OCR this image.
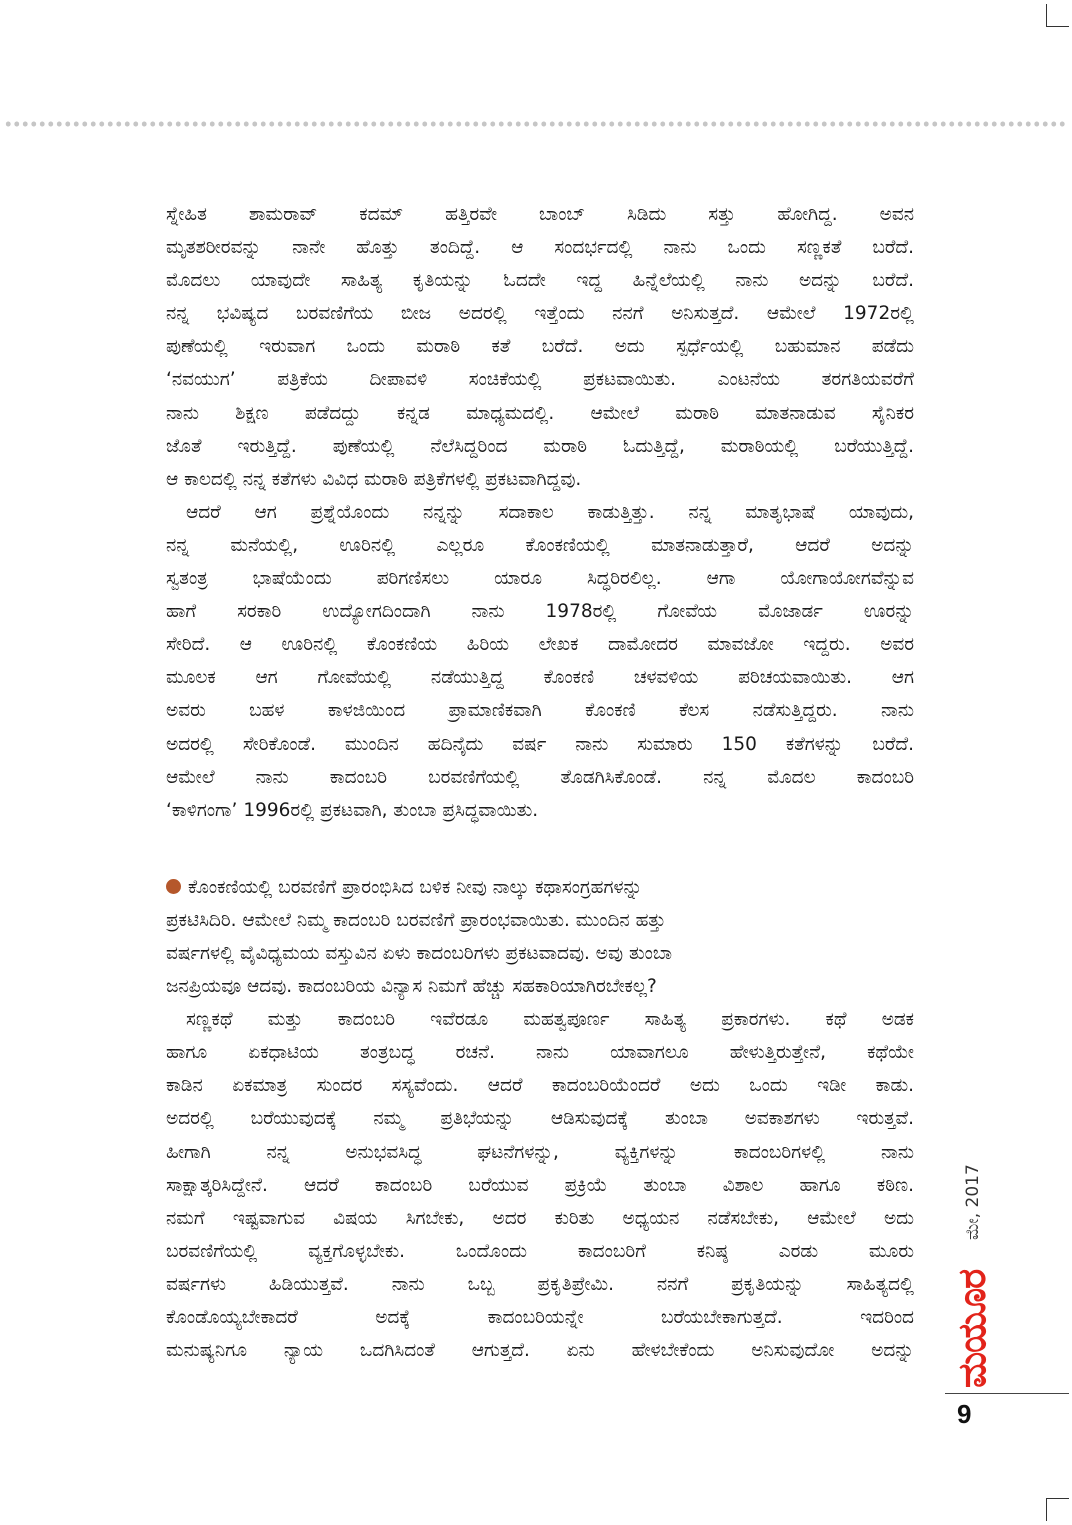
ಸ್ನೇಹಿತ ಶಾಮರಾವ್ ಕದಮ್ ಹತ್ತಿರವೇ ಬಾಂಬ್ ಸಿಡಿದು ಸತ್ತು ಹೋಗಿದ್ದ. ಅವನ

ಮೃತಶರೀರವನ್ನು ನಾನೇ ಹೊತ್ತು ತಂದಿದ್ದೆ. ಆ ಸಂದರ್ಭದಲ್ಲಿ ನಾನು ಒಂದು ಸಣ್ಣಕತೆ ಬರೆದೆ.

ಮೊದಲು ಯಾವುದೇ ಸಾಹಿತ್ಯ ಕೃತಿಯನ್ನು ಓದದೇ ಇದ್ದ ಹಿನ್ನೆಲೆಯಲ್ಲಿ ನಾನು ಅದನ್ನು ಬರೆದೆ.

ನನ್ನ ಭವಿಷ್ಯದ ಬರವಣಿಗೆಯ ಬೀಜ ಅದರಲ್ಲಿ ಇತ್ತೆಂದು ನನಗೆ ಅನಿಸುತ್ತದೆ. ಆಮೇಲೆ 1972ರಲ್ಲಿ

ಪುಣೆಯಲ್ಲಿ ಇರುವಾಗ ಒಂದು ಮರಾಠಿ ಕತೆ ಬರೆದೆ. ಅದು ಸ್ಪರ್ಧೆಯಲ್ಲಿ ಬಹುಮಾನ ಪಡೆದು

‘ನವಯುಗ’ ಪತ್ರಿಕೆಯ ದೀಪಾವಳಿ ಸಂಚಿಕೆಯಲ್ಲಿ ಪ್ರಕಟವಾಯಿತು. ಎಂಟನೆಯ ತರಗತಿಯವರೆಗೆ

ನಾನು ಶಿಕ್ಷಣ ಪಡೆದದ್ದು ಕನ್ನಡ ಮಾಧ್ಯಮದಲ್ಲಿ. ಆಮೇಲೆ ಮರಾಠಿ ಮಾತನಾಡುವ ಸೈನಿಕರ

ಜೊತೆ ಇರುತ್ತಿದ್ದೆ. ಪುಣೆಯಲ್ಲಿ ನೆಲೆಸಿದ್ದರಿಂದ ಮರಾಠಿ ಓದುತ್ತಿದ್ದೆ, ಮರಾಠಿಯಲ್ಲಿ ಬರೆಯುತ್ತಿದ್ದೆ.

ಆ ಕಾಲದಲ್ಲಿ ನನ್ನ ಕತೆಗಳು ವಿವಿಧ ಮರಾಠಿ ಪತ್ರಿಕೆಗಳಲ್ಲಿ ಪ್ರಕಟವಾಗಿದ್ದವು.

ಆದರೆ ಆಗ ಪ್ರಶ್ನೆಯೊಂದು ನನ್ನನ್ನು ಸದಾಕಾಲ ಕಾಡುತ್ತಿತ್ತು. ನನ್ನ ಮಾತೃಭಾಷೆ ಯಾವುದು,

ನನ್ನ ಮನೆಯಲ್ಲಿ, ಊರಿನಲ್ಲಿ ಎಲ್ಲರೂ ಕೊಂಕಣಿಯಲ್ಲಿ ಮಾತನಾಡುತ್ತಾರೆ, ಆದರೆ ಅದನ್ನು

ಸ್ವತಂತ್ರ ಭಾಷೆಯೆಂದು ಪರಿಗಣಿಸಲು ಯಾರೂ ಸಿದ್ಧರಿರಲಿಲ್ಲ. ಆಗಾ ಯೋಗಾಯೋಗವೆನ್ನುವ

ಹಾಗೆ ಸರಕಾರಿ ಉದ್ಯೋಗದಿಂದಾಗಿ ನಾನು 1978ರಲ್ಲಿ ಗೋವೆಯ ಮೊಜಾರ್ಡ ಊರನ್ನು

ಸೇರಿದೆ. ಆ ಊರಿನಲ್ಲಿ ಕೊಂಕಣಿಯ ಹಿರಿಯ ಲೇಖಕ ದಾಮೋದರ ಮಾವಜೋ ಇದ್ದರು. ಅವರ

ಮೂಲಕ ಆಗ ಗೋವೆಯಲ್ಲಿ ನಡೆಯುತ್ತಿದ್ದ ಕೊಂಕಣಿ ಚಳವಳಿಯ ಪರಿಚಯವಾಯಿತು. ಆಗ

ಅವರು ಬಹಳ ಕಾಳಜಿಯಿಂದ ಪ್ರಾಮಾಣಿಕವಾಗಿ ಕೊಂಕಣಿ ಕೆಲಸ ನಡೆಸುತ್ತಿದ್ದರು. ನಾನು

ಅದರಲ್ಲಿ ಸೇರಿಕೊಂಡೆ. ಮುಂದಿನ ಹದಿನೈದು ವರ್ಷ ನಾನು ಸುಮಾರು 150 ಕತೆಗಳನ್ನು ಬರೆದೆ.

ಆಮೇಲೆ ನಾನು ಕಾದಂಬರಿ ಬರವಣಿಗೆಯಲ್ಲಿ ತೊಡಗಿಸಿಕೊಂಡೆ. ನನ್ನ ಮೊದಲ ಕಾದಂಬರಿ

‘ಕಾಳಿಗಂಗಾ’ 1996ರಲ್ಲಿ ಪ್ರಕಟವಾಗಿ, ತುಂಬಾ ಪ್ರಸಿದ್ಧವಾಯಿತು.

ಕೊಂಕಣಿಯಲ್ಲಿ ಬರವಣಿಗೆ ಪ್ರಾರಂಭಿಸಿದ ಬಳಿಕ ನೀವು ನಾಲ್ಕು ಕಥಾಸಂಗ್ರಹಗಳನ್ನು

ಪ್ರಕಟಿಸಿದಿರಿ. ಆಮೇಲೆ ನಿಮ್ಮ ಕಾದಂಬರಿ ಬರವಣಿಗೆ ಪ್ರಾರಂಭವಾಯಿತು. ಮುಂದಿನ ಹತ್ತು

ವರ್ಷಗಳಲ್ಲಿ ವೈವಿಧ್ಯಮಯ ವಸ್ತುವಿನ ಏಳು ಕಾದಂಬರಿಗಳು ಪ್ರಕಟವಾದವು. ಅವು ತುಂಬಾ

ಜನಪ್ರಿಯವೂ ಆದವು. ಕಾದಂಬರಿಯ ವಿನ್ಯಾಸ ನಿಮಗೆ ಹೆಚ್ಚು ಸಹಕಾರಿಯಾಗಿರಬೇಕಲ್ಲ?

ಸಣ್ಣಕಥೆ ಮತ್ತು ಕಾದಂಬರಿ ಇವೆರಡೂ ಮಹತ್ವಪೂರ್ಣ ಸಾಹಿತ್ಯ ಪ್ರಕಾರಗಳು. ಕಥೆ ಅಡಕ

ಹಾಗೂ ಏಕಧಾಟಿಯ ತಂತ್ರಬದ್ಧ ರಚನೆ. ನಾನು ಯಾವಾಗಲೂ ಹೇಳುತ್ತಿರುತ್ತೇನೆ, ಕಥೆಯೇ

ಕಾಡಿನ ಏಕಮಾತ್ರ ಸುಂದರ ಸಸ್ಯವೆಂದು. ಆದರೆ ಕಾದಂಬರಿಯೆಂದರೆ ಅದು ಒಂದು ಇಡೀ ಕಾಡು.

ಅದರಲ್ಲಿ ಬರೆಯುವುದಕ್ಕೆ ನಮ್ಮ ಪ್ರತಿಭೆಯನ್ನು ಆಡಿಸುವುದಕ್ಕೆ ತುಂಬಾ ಅವಕಾಶಗಳು ಇರುತ್ತವೆ.

ಹೀಗಾಗಿ ನನ್ನ ಅನುಭವಸಿದ್ಧ ಘಟನೆಗಳನ್ನು, ವ್ಯಕ್ತಿಗಳನ್ನು ಕಾದಂಬರಿಗಳಲ್ಲಿ ನಾನು

ಸಾಕ್ಷಾತ್ಕರಿಸಿದ್ದೇನೆ. ಆದರೆ ಕಾದಂಬರಿ ಬರೆಯುವ ಪ್ರಕ್ರಿಯೆ ತುಂಬಾ ವಿಶಾಲ ಹಾಗೂ ಕಠಿಣ.

ನಮಗೆ ಇಷ್ಟವಾಗುವ ವಿಷಯ ಸಿಗಬೇಕು, ಅದರ ಕುರಿತು ಅಧ್ಯಯನ ನಡೆಸಬೇಕು, ಆಮೇಲೆ ಅದು

ಬರವಣಿಗೆಯಲ್ಲಿ ವ್ಯಕ್ತಗೊಳ್ಳಬೇಕು. ಒಂದೊಂದು ಕಾದಂಬರಿಗೆ ಕನಿಷ್ಠ ಎರಡು ಮೂರು

ವರ್ಷಗಳು ಹಿಡಿಯುತ್ತವೆ. ನಾನು ಒಬ್ಬ ಪ್ರಕೃತಿಪ್ರೇಮಿ. ನನಗೆ ಪ್ರಕೃತಿಯನ್ನು ಸಾಹಿತ್ಯದಲ್ಲಿ

ಕೊಂಡೊಯ್ಯಬೇಕಾದರೆ ಅದಕ್ಕೆ ಕಾದಂಬರಿಯನ್ನೇ ಬರೆಯಬೇಕಾಗುತ್ತದೆ. ಇದರಿಂದ

ಮನುಷ್ಯನಿಗೂ ನ್ಯಾಯ ಒದಗಿಸಿದಂತೆ ಆಗುತ್ತದೆ. ಏನು ಹೇಳಬೇಕೆಂದು ಅನಿಸುವುದೋ ಅದನ್ನು

ಮೇ, 2017
ಮಯೂರ
9
